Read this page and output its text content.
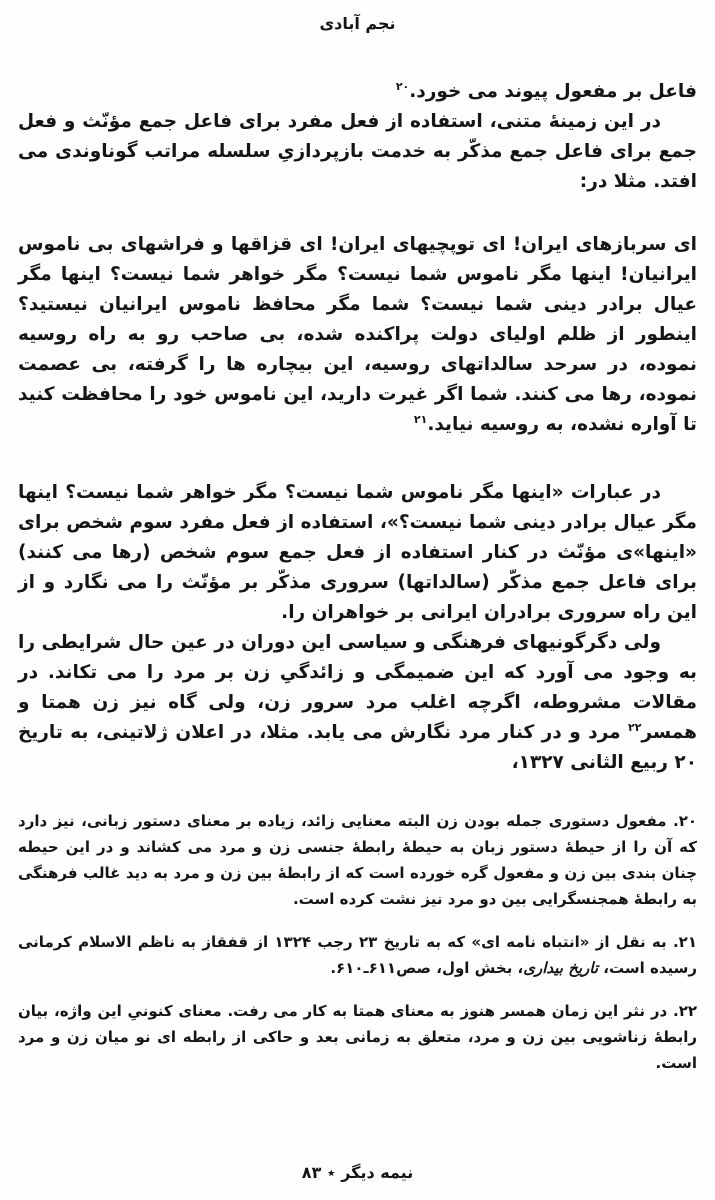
نجم آبادی

فاعل بر مفعول پیوند می خورد.$^{۲۰}$

در این زمینهٔ متنی، استفاده از فعل مفرد برای فاعل جمع مؤنّث و فعل جمع برای فاعل جمع مذکّر به خدمت بازپردازیِ سلسله مراتب گوناوندی می افتد. مثلا در:

ای سربازهای ایران! ای توپچیهای ایران! ای قزاقها و فراشهای بی ناموس ایرانیان! اینها مگر ناموس شما نیست؟ مگر خواهر شما نیست؟ اینها مگر عیال برادر دینی شما نیست؟ شما مگر محافظ ناموس ایرانیان نیستید؟ اینطور از ظلم اولیای دولت پراکنده شده، بی صاحب رو به راه روسیه نموده، در سرحد سالداتهای روسیه، این بیچاره ها را گرفته، بی عصمت نموده، رها می کنند. شما اگر غیرت دارید، این ناموس خود را محافظت کنید تا آواره نشده، به روسیه نیاید.$^{۲۱}$

در عبارات «اینها مگر ناموس شما نیست؟ مگر خواهر شما نیست؟ اینها مگر عیال برادر دینی شما نیست؟»، استفاده از فعل مفرد سوم شخص برای «اینها»ی مؤنّث در کنار استفاده از فعل جمع سوم شخص (رها می کنند) برای فاعل جمع مذکّر (سالداتها) سروری مذکّر بر مؤنّث را می نگارد و از این راه سروری برادران ایرانی بر خواهران را.

ولی دگرگونیهای فرهنگی و سیاسی این دوران در عین حال شرایطی را به وجود می آورد که این ضمیمگی و زائدگیِ زن بر مرد را می تکاند. در مقالات مشروطه، اگرچه اغلب مرد سرور زن، ولی گاه نیز زن همتا و همسر$^{۲۲}$ مرد و در کنار مرد نگارش می یابد. مثلا، در اعلان ژلاتینی، به تاریخ ۲۰ ربیع الثانی ۱۳۲۷،

۲۰. مفعول دستوری جمله بودن زن البته معنایی زائد، زیاده بر معنای دستور زبانی، نیز دارد که آن را از حیطهٔ دستور زبان به حیطهٔ رابطهٔ جنسی زن و مرد می کشاند و در این حیطه چنان بندی بین زن و مفعول گره خورده است که از رابطهٔ بین زن و مرد به دید غالب فرهنگی به رابطهٔ همجنسگرایی بین دو مرد نیز نشت کرده است.

۲۱. به نقل از «انتباه نامه ای» که به تاریخ ۲۳ رجب ۱۳۲۴ از قفقاز به ناظم الاسلام کرمانی رسیده است، تاریخ بیداری، بخش اول، صص۶۱۱ـ۶۱۰.

۲۲. در نثر این زمان همسر هنوز به معنای همتا به کار می رفت. معنای کنونیِ این واژه، بیان رابطهٔ زناشویی بین زن و مرد، متعلق به زمانی بعد و حاکی از رابطه ای نو میان زن و مرد است.

نیمه دیگر ٭ ۸۳
